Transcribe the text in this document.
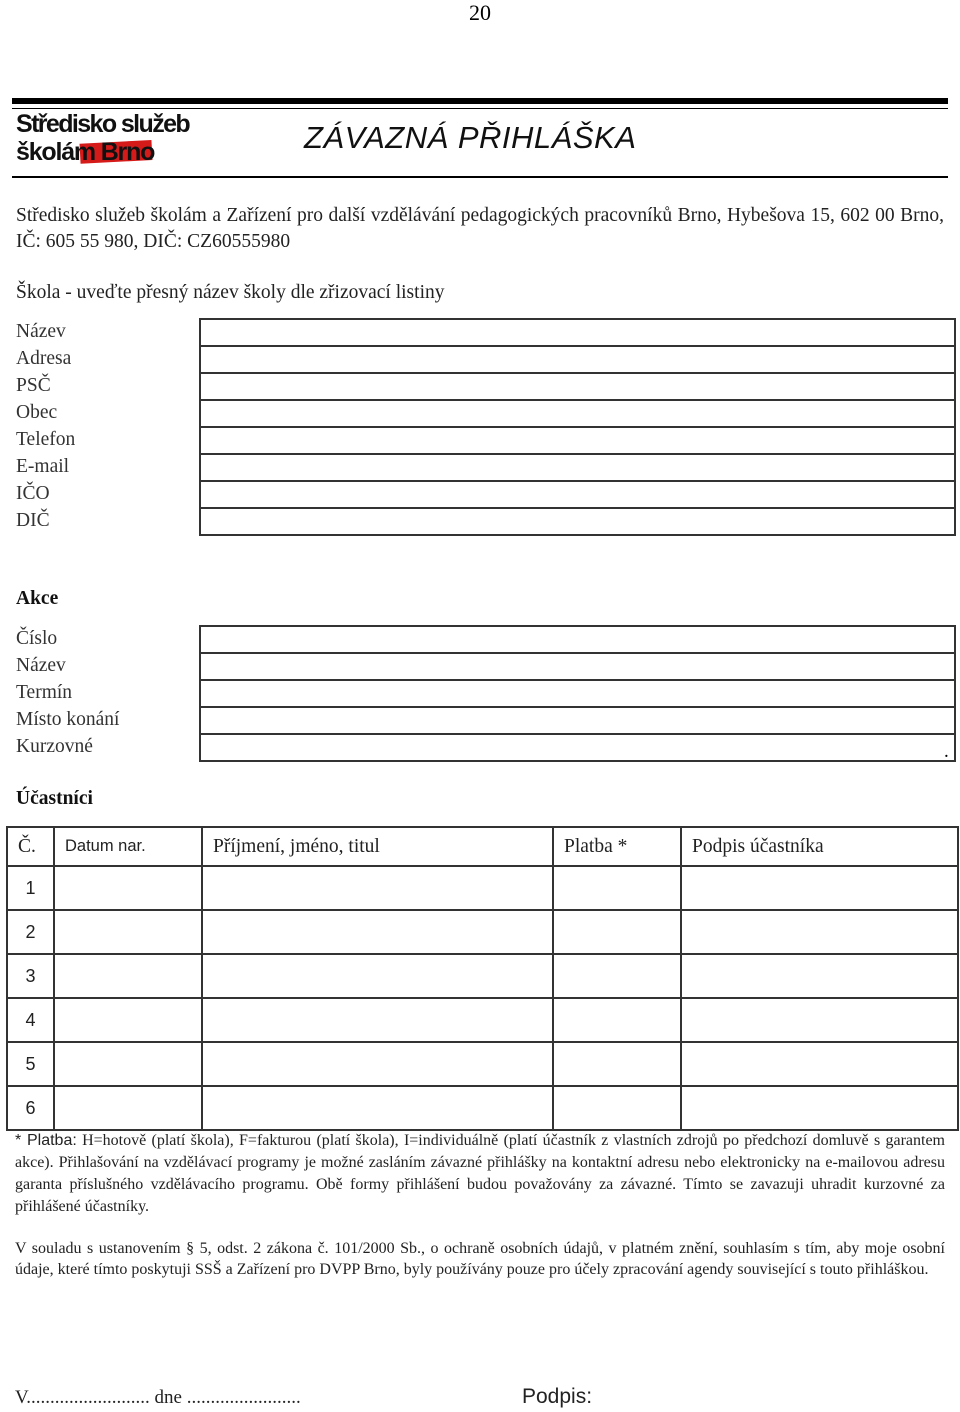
20
Středisko služeb
školám Brno	ZÁVAZNÁ PŘIHLÁŠKA
Středisko služeb školám a Zařízení pro další vzdělávání pedagogických pracovníků Brno, Hybešova 15, 602 00 Brno, IČ: 605 55 980, DIČ: CZ60555980
Škola - uveďte přesný název školy dle zřizovací listiny
Název
Adresa
PSČ
Obec
Telefon
E-mail
IČO
DIČ
Akce
Číslo
Název
Termín
Místo konání
Kurzovné	.
Účastníci
Č.	Datum nar.	Příjmení, jméno, titul	Platba *	Podpis účastníka
1				
2				
3				
4				
5				
6				
* Platba: H=hotově (platí škola), F=fakturou (platí škola), I=individuálně (platí účastník z vlastních zdrojů po předchozí domluvě s garantem akce). Přihlašování na vzdělávací programy je možné zasláním závazné přihlášky na kontaktní adresu nebo elektronicky na e-mailovou adresu garanta příslušného vzdělávacího programu. Obě formy přihlášení budou považovány za závazné. Tímto se zavazuji uhradit kurzovné za přihlášené účastníky.
V souladu s ustanovením § 5, odst. 2 zákona č. 101/2000 Sb., o ochraně osobních údajů, v platném znění, souhlasím s tím, aby moje osobní údaje, které tímto poskytuji SSŠ a Zařízení pro DVPP Brno, byly používány pouze pro účely zpracování agendy související s touto přihláškou.
V.......................... dne ........................	Podpis:
